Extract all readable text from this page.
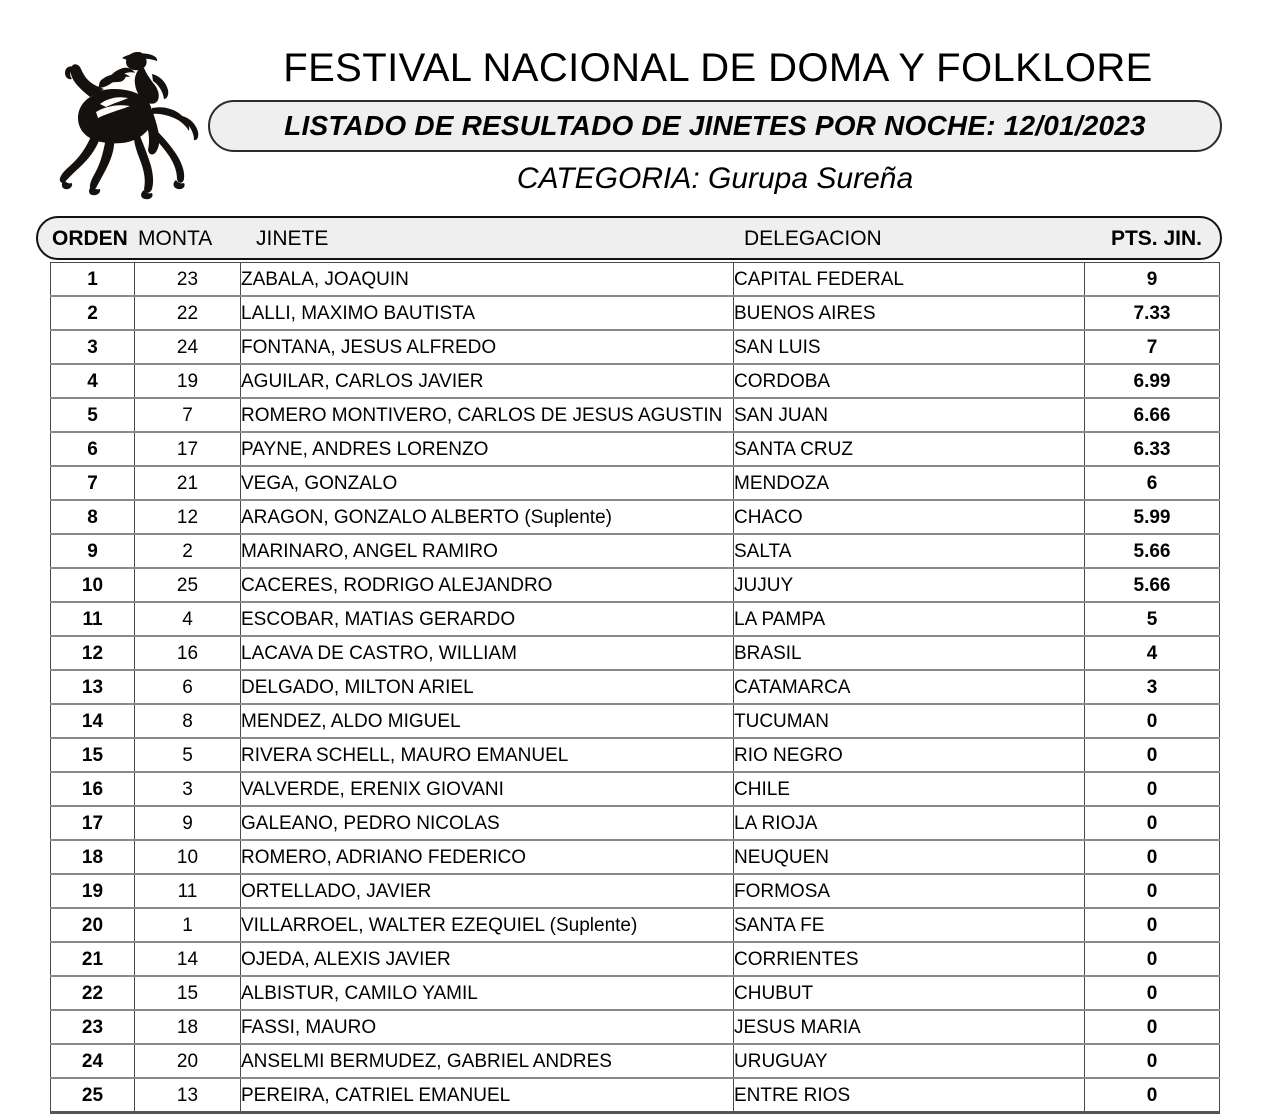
FESTIVAL NACIONAL DE DOMA Y FOLKLORE
LISTADO DE RESULTADO DE JINETES POR NOCHE: 12/01/2023
CATEGORIA: Gurupa Sureña
ORDEN MONTA	JINETE	DELEGACION	PTS. JIN.
1	23	ZABALA, JOAQUIN	CAPITAL FEDERAL	9
2	22	LALLI, MAXIMO BAUTISTA	BUENOS AIRES	7.33
3	24	FONTANA, JESUS ALFREDO	SAN LUIS	7
4	19	AGUILAR, CARLOS JAVIER	CORDOBA	6.99
5	7	ROMERO MONTIVERO, CARLOS DE JESUS AGUSTIN	SAN JUAN	6.66
6	17	PAYNE, ANDRES LORENZO	SANTA CRUZ	6.33
7	21	VEGA, GONZALO	MENDOZA	6
8	12	ARAGON, GONZALO ALBERTO (Suplente)	CHACO	5.99
9	2	MARINARO, ANGEL RAMIRO	SALTA	5.66
10	25	CACERES, RODRIGO ALEJANDRO	JUJUY	5.66
11	4	ESCOBAR, MATIAS GERARDO	LA PAMPA	5
12	16	LACAVA DE CASTRO, WILLIAM	BRASIL	4
13	6	DELGADO, MILTON ARIEL	CATAMARCA	3
14	8	MENDEZ, ALDO MIGUEL	TUCUMAN	0
15	5	RIVERA SCHELL, MAURO EMANUEL	RIO NEGRO	0
16	3	VALVERDE, ERENIX GIOVANI	CHILE	0
17	9	GALEANO, PEDRO NICOLAS	LA RIOJA	0
18	10	ROMERO, ADRIANO FEDERICO	NEUQUEN	0
19	11	ORTELLADO, JAVIER	FORMOSA	0
20	1	VILLARROEL, WALTER EZEQUIEL (Suplente)	SANTA FE	0
21	14	OJEDA, ALEXIS JAVIER	CORRIENTES	0
22	15	ALBISTUR, CAMILO YAMIL	CHUBUT	0
23	18	FASSI, MAURO	JESUS MARIA	0
24	20	ANSELMI BERMUDEZ, GABRIEL ANDRES	URUGUAY	0
25	13	PEREIRA, CATRIEL EMANUEL	ENTRE RIOS	0
